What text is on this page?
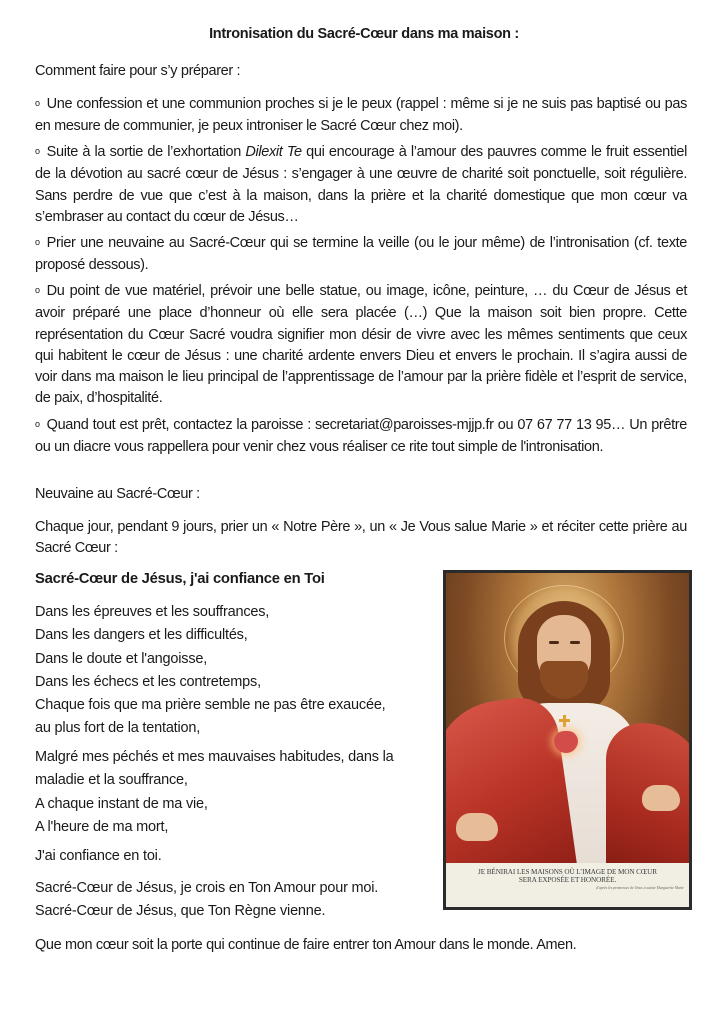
Intronisation du Sacré-Cœur dans ma maison :

Comment faire pour s’y préparer :

o Une confession et une communion proches si je le peux (rappel : même si je ne suis pas baptisé ou pas en mesure de communier, je peux introniser le Sacré Cœur chez moi).

o Suite à la sortie de l’exhortation Dilexit Te qui encourage à l’amour des pauvres comme le fruit essentiel de la dévotion au sacré cœur de Jésus : s’engager à une œuvre de charité soit ponctuelle, soit régulière. Sans perdre de vue que c’est à la maison, dans la prière et la charité domestique que mon cœur va s’embraser au contact du cœur de Jésus…

o Prier une neuvaine au Sacré-Cœur qui se termine la veille (ou le jour même) de l’intronisation (cf. texte proposé dessous).

o Du point de vue matériel, prévoir une belle statue, ou image, icône, peinture, … du Cœur de Jésus et avoir préparé une place d’honneur où elle sera placée (…) Que la maison soit bien propre. Cette représentation du Cœur Sacré voudra signifier mon désir de vivre avec les mêmes sentiments que ceux qui habitent le cœur de Jésus : une charité ardente envers Dieu et envers le prochain. Il s’agira aussi de voir dans ma maison le lieu principal de l’apprentissage de l’amour par la prière fidèle et l’esprit de service, de paix, d’hospitalité.

o Quand tout est prêt, contactez la paroisse : secretariat@paroisses-mjjp.fr ou 07 67 77 13 95… Un prêtre ou un diacre vous rappellera pour venir chez vous réaliser ce rite tout simple de l'intronisation.

Neuvaine au Sacré-Cœur :

Chaque jour, pendant 9 jours, prier un « Notre Père », un « Je Vous salue Marie » et réciter cette prière au Sacré Cœur :

Sacré-Cœur de Jésus, j'ai confiance en Toi
Dans les épreuves et les souffrances,
Dans les dangers et les difficultés,
Dans le doute et l'angoisse,
Dans les échecs et les contretemps,
Chaque fois que ma prière semble ne pas être exaucée,
au plus fort de la tentation,
Malgré mes péchés et mes mauvaises habitudes, dans la
maladie et la souffrance,
A chaque instant de ma vie,
A l'heure de ma mort,
J'ai confiance en toi.
Sacré-Cœur de Jésus, je crois en Ton Amour pour moi.
Sacré-Cœur de Jésus, que Ton Règne vienne.

Que mon cœur soit la porte qui continue de faire entrer ton Amour dans le monde. Amen.

JE BÉNIRAI LES MAISONS OÙ L’IMAGE DE MON CŒUR
SERA EXPOSÉE ET HONORÉE.
d'après les promesses de Jésus à sainte Marguerite Marie
